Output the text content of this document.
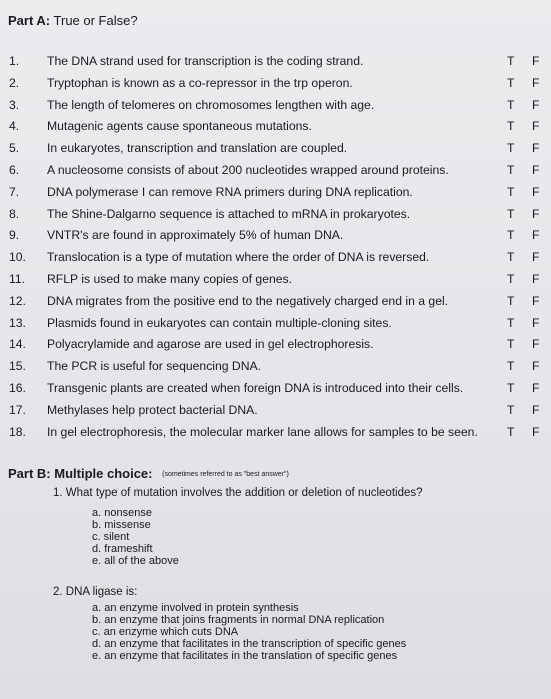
Part A: True or False?
1. The DNA strand used for transcription is the coding strand.	T F
2. Tryptophan is known as a co-repressor in the trp operon.	T F
3. The length of telomeres on chromosomes lengthen with age.	T F
4. Mutagenic agents cause spontaneous mutations.	T F
5. In eukaryotes, transcription and translation are coupled.	T F
6. A nucleosome consists of about 200 nucleotides wrapped around proteins.	T F
7. DNA polymerase I can remove RNA primers during DNA replication.	T F
8. The Shine-Dalgarno sequence is attached to mRNA in prokaryotes.	T F
9. VNTR's are found in approximately 5% of human DNA.	T F
10. Translocation is a type of mutation where the order of DNA is reversed.	T F
11. RFLP is used to make many copies of genes.	T F
12. DNA migrates from the positive end to the negatively charged end in a gel.	T F
13. Plasmids found in eukaryotes can contain multiple-cloning sites.	T F
14. Polyacrylamide and agarose are used in gel electrophoresis.	T F
15. The PCR is useful for sequencing DNA.	T F
16. Transgenic plants are created when foreign DNA is introduced into their cells.	T F
17. Methylases help protect bacterial DNA.	T F
18. In gel electrophoresis, the molecular marker lane allows for samples to be seen. T F
Part B: Multiple choice: (sometimes referred to as "best answer")
1. What type of mutation involves the addition or deletion of nucleotides?
a. nonsense
b. missense
c. silent
d. frameshift
e. all of the above
2. DNA ligase is:
a. an enzyme involved in protein synthesis
b. an enzyme that joins fragments in normal DNA replication
c. an enzyme which cuts DNA
d. an enzyme that facilitates in the transcription of specific genes
e. an enzyme that facilitates in the translation of specific genes
